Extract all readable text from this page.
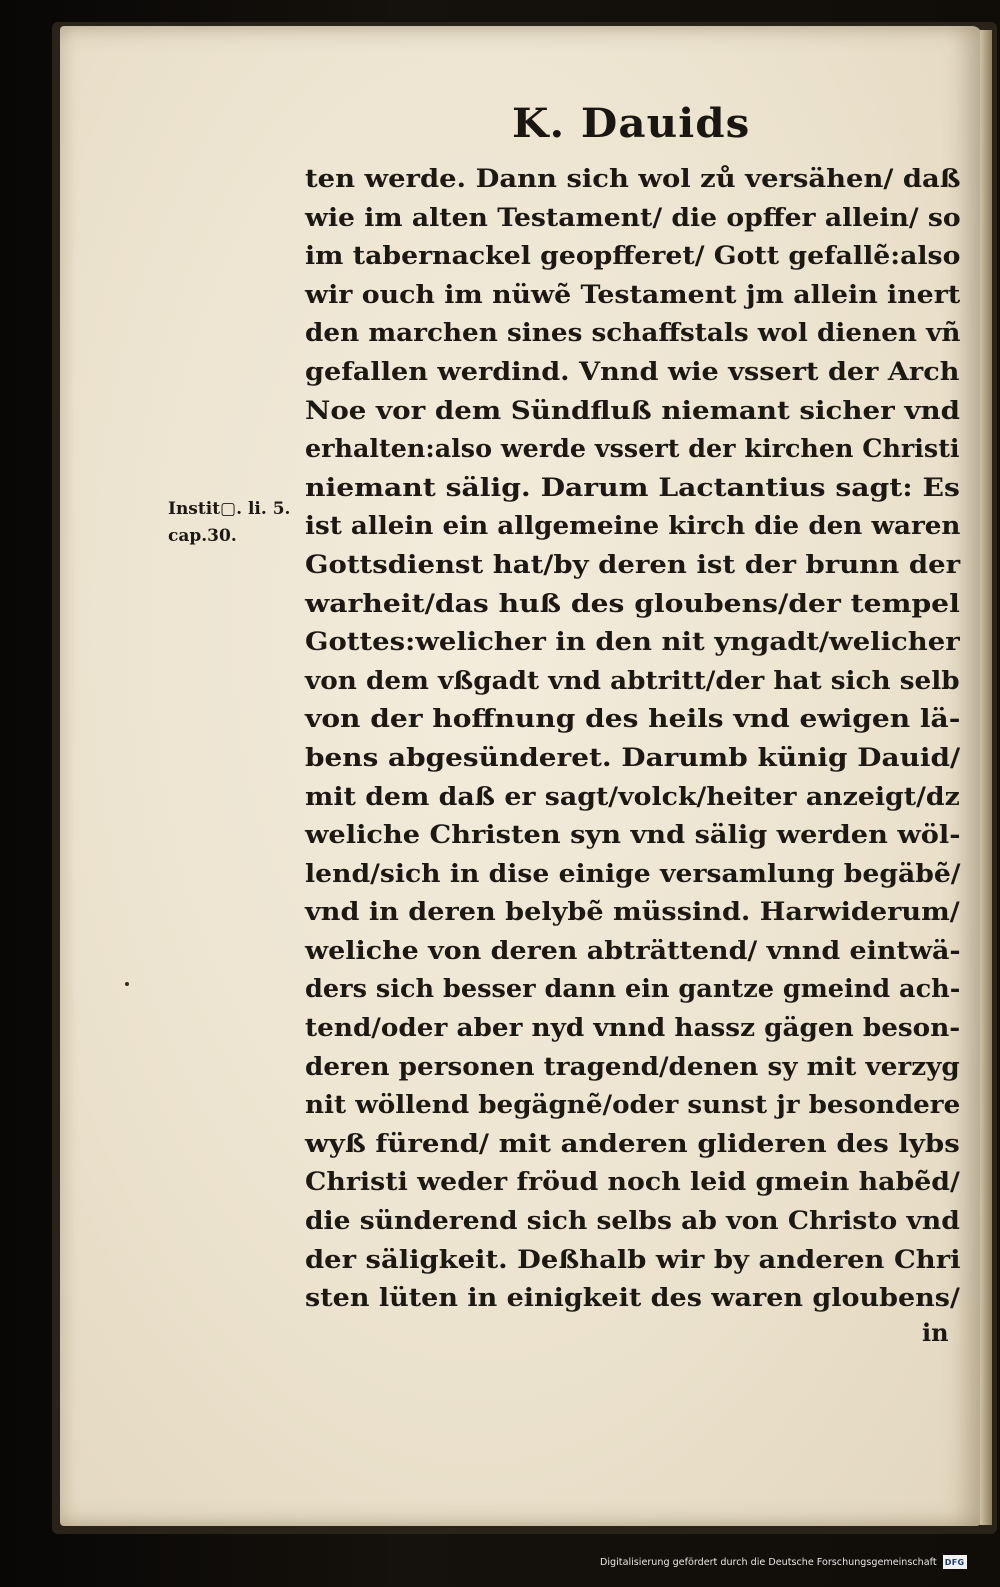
K. Dauids
Instit▢. li. 5.
cap.30.
ten werde. Dann sich wol zů versähen/ daß
wie im alten Testament/ die opffer allein/ so
im tabernackel geopfferet/ Gott gefallẽ:also
wir ouch im nüwẽ Testament jm allein inert
den marchen sines schaffstals wol dienen vñ
gefallen werdind. Vnnd wie vssert der Arch
Noe vor dem Sündfluß niemant sicher vnd
erhalten:also werde vssert der kirchen Christi
niemant sälig. Darum Lactantius sagt: Es
ist allein ein allgemeine kirch die den waren
Gottsdienst hat/by deren ist der brunn der
warheit/das huß des gloubens/der tempel
Gottes:welicher in den nit yngadt/welicher
von dem vßgadt vnd abtritt/der hat sich selb
von der hoffnung des heils vnd ewigen lä-
bens abgesünderet. Darumb künig Dauid/
mit dem daß er sagt/volck/heiter anzeigt/dz
weliche Christen syn vnd sälig werden wöl-
lend/sich in dise einige versamlung begäbẽ/
vnd in deren belybẽ müssind. Harwiderum/
weliche von deren abträttend/ vnnd eintwä-
ders sich besser dann ein gantze gmeind ach-
tend/oder aber nyd vnnd hassz gägen beson-
deren personen tragend/denen sy mit verzyg
nit wöllend begägnẽ/oder sunst jr besondere
wyß fürend/ mit anderen glideren des lybs
Christi weder fröud noch leid gmein habẽd/
die sünderend sich selbs ab von Christo vnd
der säligkeit. Deßhalb wir by anderen Chri
sten lüten in einigkeit des waren gloubens/
in
Digitalisierung gefördert durch die Deutsche Forschungsgemeinschaft DFG
